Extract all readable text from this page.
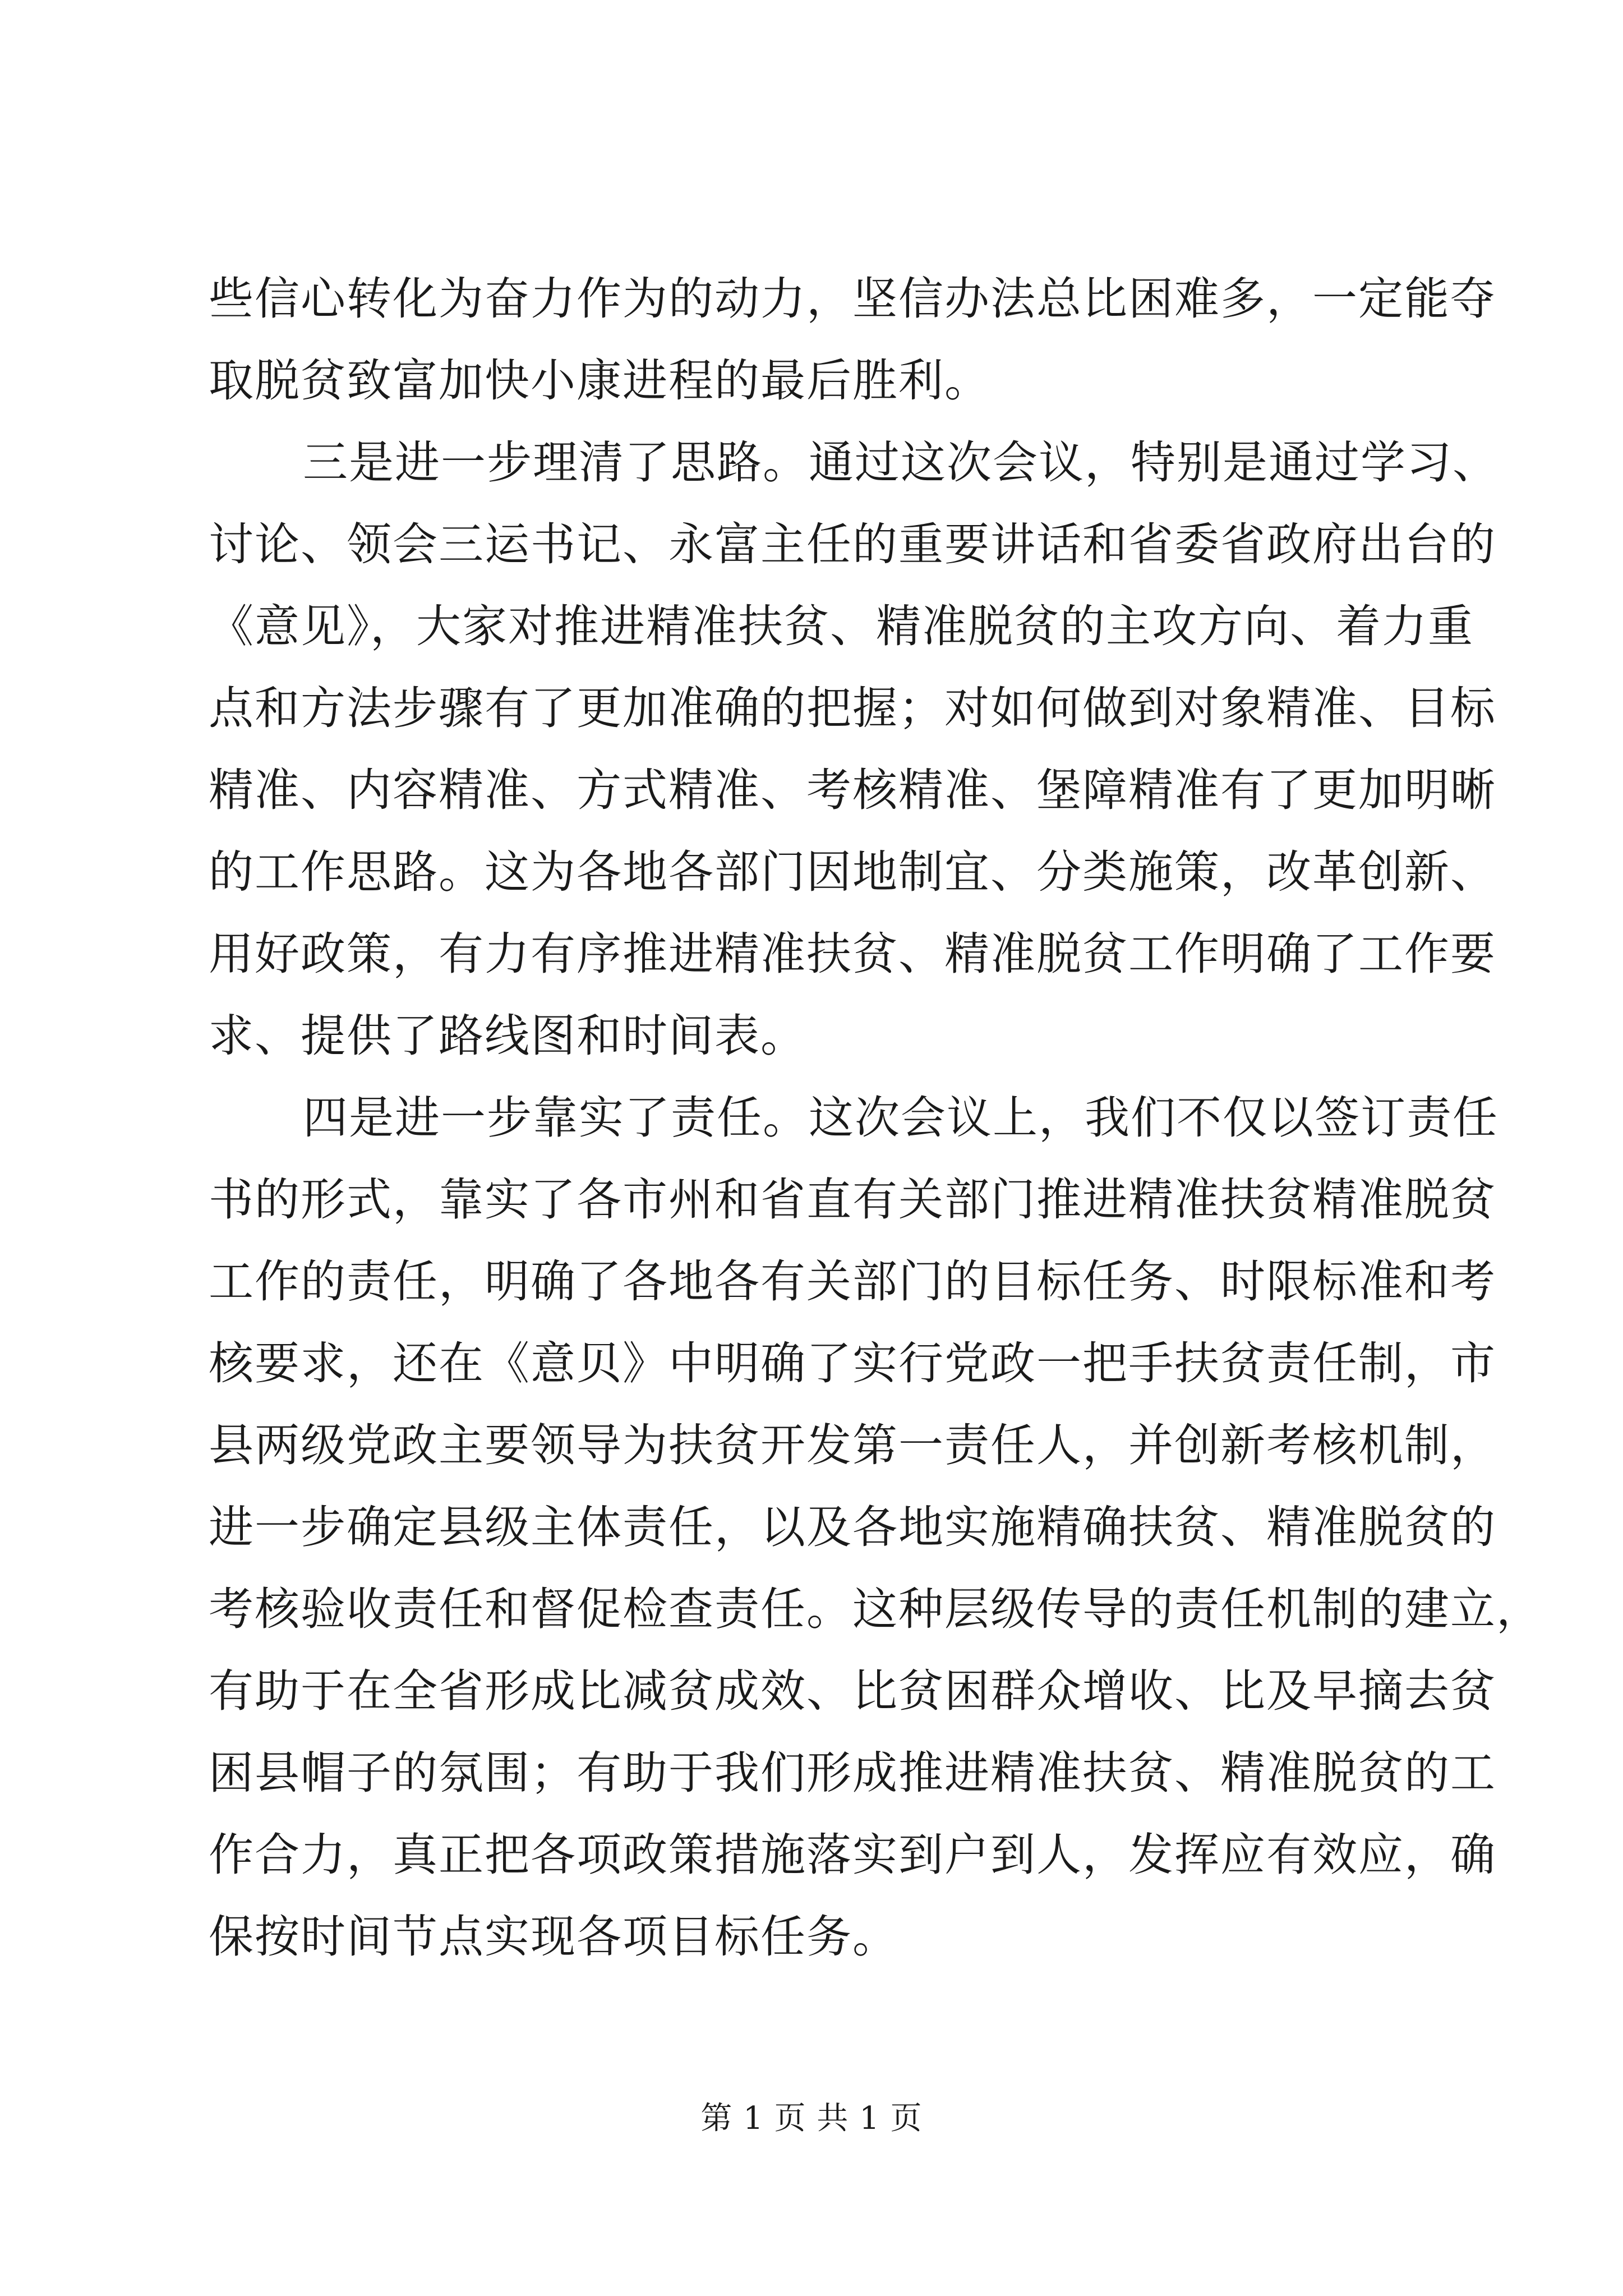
些信心转化为奋力作为的动力，坚信办法总比困难多，一定能夺
取脱贫致富加快小康进程的最后胜利。
三是进一步理清了思路。通过这次会议，特别是通过学习、
讨论、领会三运书记、永富主任的重要讲话和省委省政府出台的
《意见》，大家对推进精准扶贫、精准脱贫的主攻方向、着力重
点和方法步骤有了更加准确的把握；对如何做到对象精准、目标
精准、内容精准、方式精准、考核精准、堡障精准有了更加明晰
的工作思路。这为各地各部门因地制宜、分类施策，改革创新、
用好政策，有力有序推进精准扶贫、精准脱贫工作明确了工作要
求、提供了路线图和时间表。
四是进一步靠实了责任。这次会议上，我们不仅以签订责任
书的形式，靠实了各市州和省直有关部门推进精准扶贫精准脱贫
工作的责任，明确了各地各有关部门的目标任务、时限标准和考
核要求，还在《意贝》中明确了实行党政一把手扶贫责任制，市
县两级党政主要领导为扶贫开发第一责任人，并创新考核机制，
进一步确定县级主体责任，以及各地实施精确扶贫、精准脱贫的
考核验收责任和督促检查责任。这种层级传导的责任机制的建立，
有助于在全省形成比减贫成效、比贫困群众增收、比及早摘去贫
困县帽子的氛围；有助于我们形成推进精准扶贫、精准脱贫的工
作合力，真正把各项政策措施落实到户到人，发挥应有效应，确
保按时间节点实现各项目标任务。
第 1 页 共 1 页
